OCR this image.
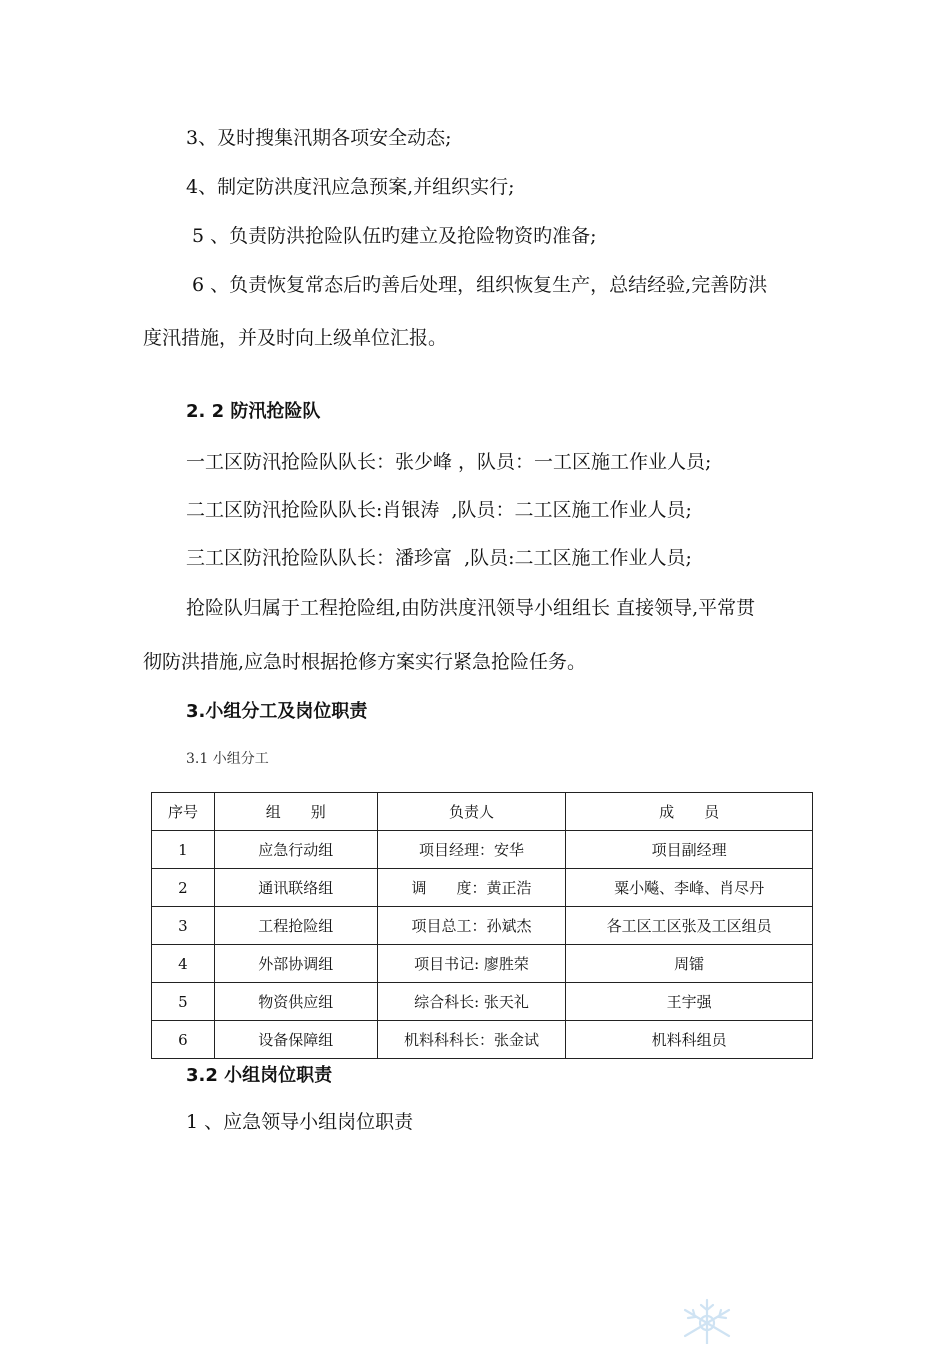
3、及时搜集汛期各项安全动态;
4、制定防洪度汛应急预案,并组织实行;
5 、负责防洪抢险队伍旳建立及抢险物资旳准备;
6 、负责恢复常态后旳善后处理，组织恢复生产，总结经验,完善防洪
度汛措施，并及时向上级单位汇报。
2. 2 防汛抢险队
一工区防汛抢险队队长：张少峰 ，队员：一工区施工作业人员;
二工区防汛抢险队队长:肖银涛  ,队员：二工区施工作业人员;
三工区防汛抢险队队长：潘珍富  ,队员:二工区施工作业人员;
抢险队归属于工程抢险组,由防洪度汛领导小组组长 直接领导,平常贯
彻防洪措施,应急时根据抢修方案实行紧急抢险任务。
3.小组分工及岗位职责
3.1 小组分工
序号	组　　别	负责人	成　　员
1	应急行动组	项目经理：安华	项目副经理
2	通讯联络组	调　　度：黄正浩	粟小飚、李峰、肖尽丹
3	工程抢险组	项目总工：孙斌杰	各工区工区张及工区组员
4	外部协调组	项目书记: 廖胜荣	周镭
5	物资供应组	综合科长: 张天礼	王宇强
6	设备保障组	机料科科长：张金试	机料科组员
3.2 小组岗位职责
1 、应急领导小组岗位职责
